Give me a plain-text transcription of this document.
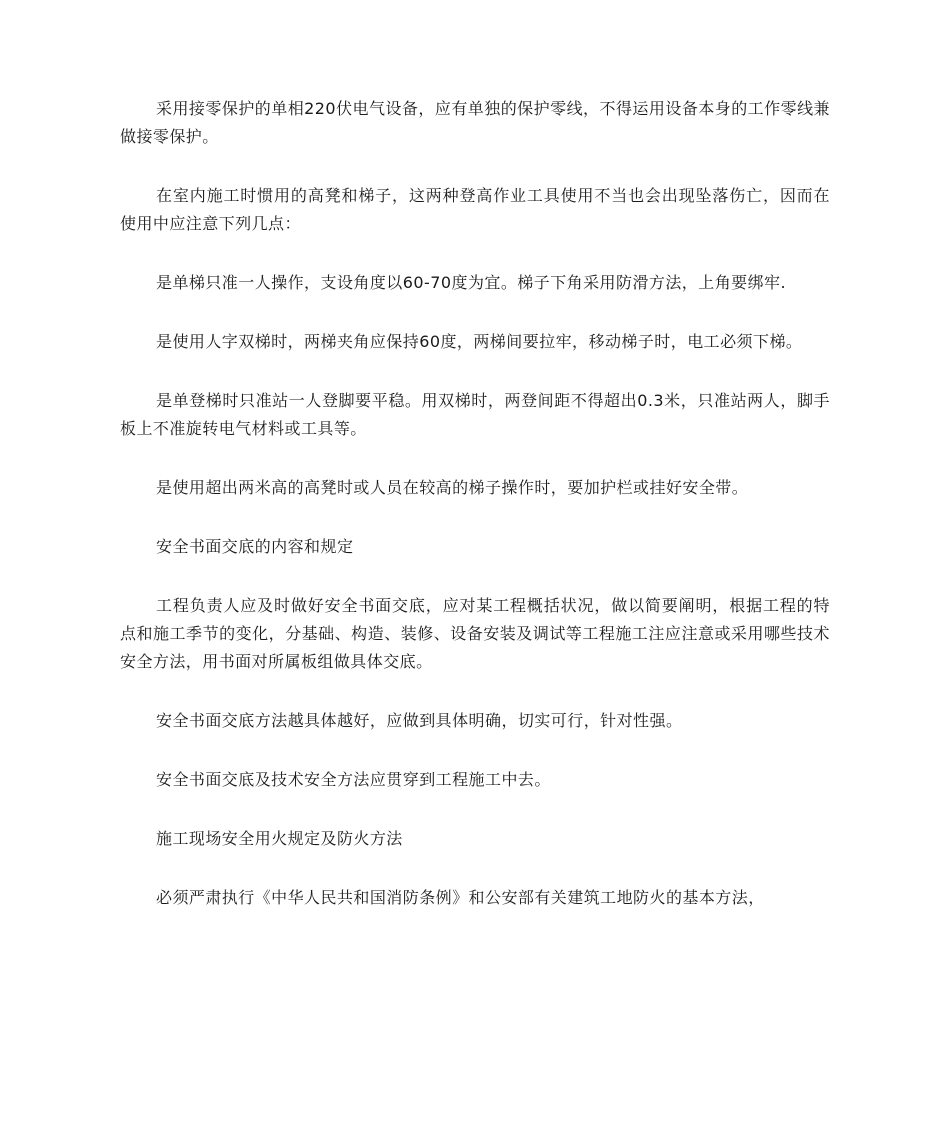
采用接零保护的单相220伏电气设备，应有单独的保护零线，不得运用设备本身的工作零线兼做接零保护。

在室内施工时惯用的高凳和梯子，这两种登高作业工具使用不当也会出现坠落伤亡，因而在使用中应注意下列几点：

是单梯只准一人操作，支设角度以60-70度为宜。梯子下角采用防滑方法，上角要绑牢.

是使用人字双梯时，两梯夹角应保持60度，两梯间要拉牢，移动梯子时，电工必须下梯。

是单登梯时只准站一人登脚要平稳。用双梯时，两登间距不得超出0.3米，只准站两人，脚手板上不准旋转电气材料或工具等。

是使用超出两米高的高凳时或人员在较高的梯子操作时，要加护栏或挂好安全带。

安全书面交底的内容和规定

工程负责人应及时做好安全书面交底，应对某工程概括状况，做以简要阐明，根据工程的特点和施工季节的变化，分基础、构造、装修、设备安装及调试等工程施工注应注意或采用哪些技术安全方法，用书面对所属板组做具体交底。

安全书面交底方法越具体越好，应做到具体明确，切实可行，针对性强。

安全书面交底及技术安全方法应贯穿到工程施工中去。

施工现场安全用火规定及防火方法

必须严肃执行《中华人民共和国消防条例》和公安部有关建筑工地防火的基本方法，
